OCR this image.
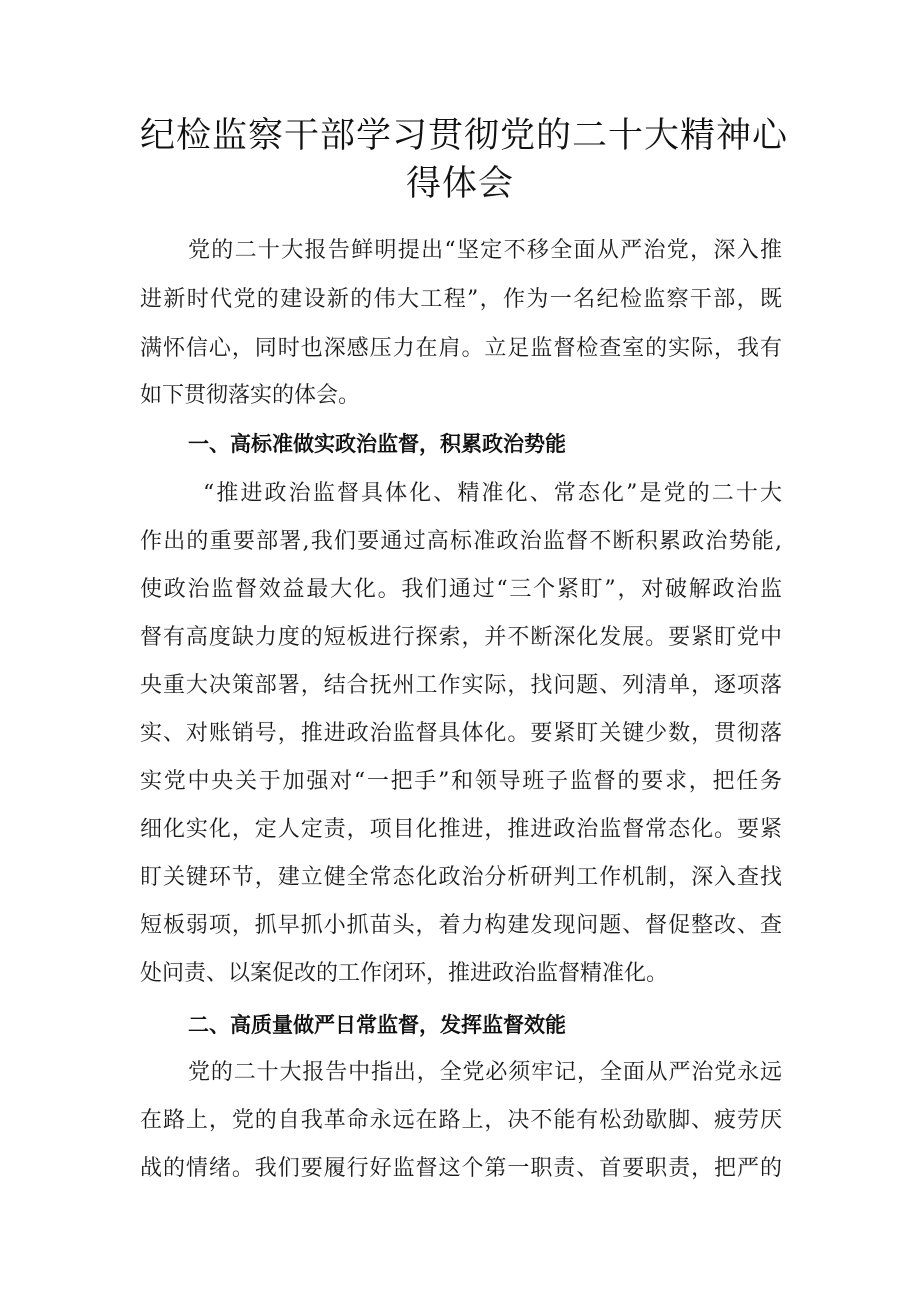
纪检监察干部学习贯彻党的二十大精神心
得体会
党的二十大报告鲜明提出“坚定不移全面从严治党，深入推
进新时代党的建设新的伟大工程”，作为一名纪检监察干部，既
满怀信心，同时也深感压力在肩。立足监督检查室的实际，我有
如下贯彻落实的体会。
一、高标准做实政治监督，积累政治势能
“推进政治监督具体化、精准化、常态化”是党的二十大
作出的重要部署,我们要通过高标准政治监督不断积累政治势能,
使政治监督效益最大化。我们通过“三个紧盯”，对破解政治监
督有高度缺力度的短板进行探索，并不断深化发展。要紧盯党中
央重大决策部署，结合抚州工作实际，找问题、列清单，逐项落
实、对账销号，推进政治监督具体化。要紧盯关键少数，贯彻落
实党中央关于加强对“一把手”和领导班子监督的要求，把任务
细化实化，定人定责，项目化推进，推进政治监督常态化。要紧
盯关键环节，建立健全常态化政治分析研判工作机制，深入查找
短板弱项，抓早抓小抓苗头，着力构建发现问题、督促整改、查
处问责、以案促改的工作闭环，推进政治监督精准化。
二、高质量做严日常监督，发挥监督效能
党的二十大报告中指出，全党必须牢记，全面从严治党永远
在路上，党的自我革命永远在路上，决不能有松劲歇脚、疲劳厌
战的情绪。我们要履行好监督这个第一职责、首要职责，把严的
